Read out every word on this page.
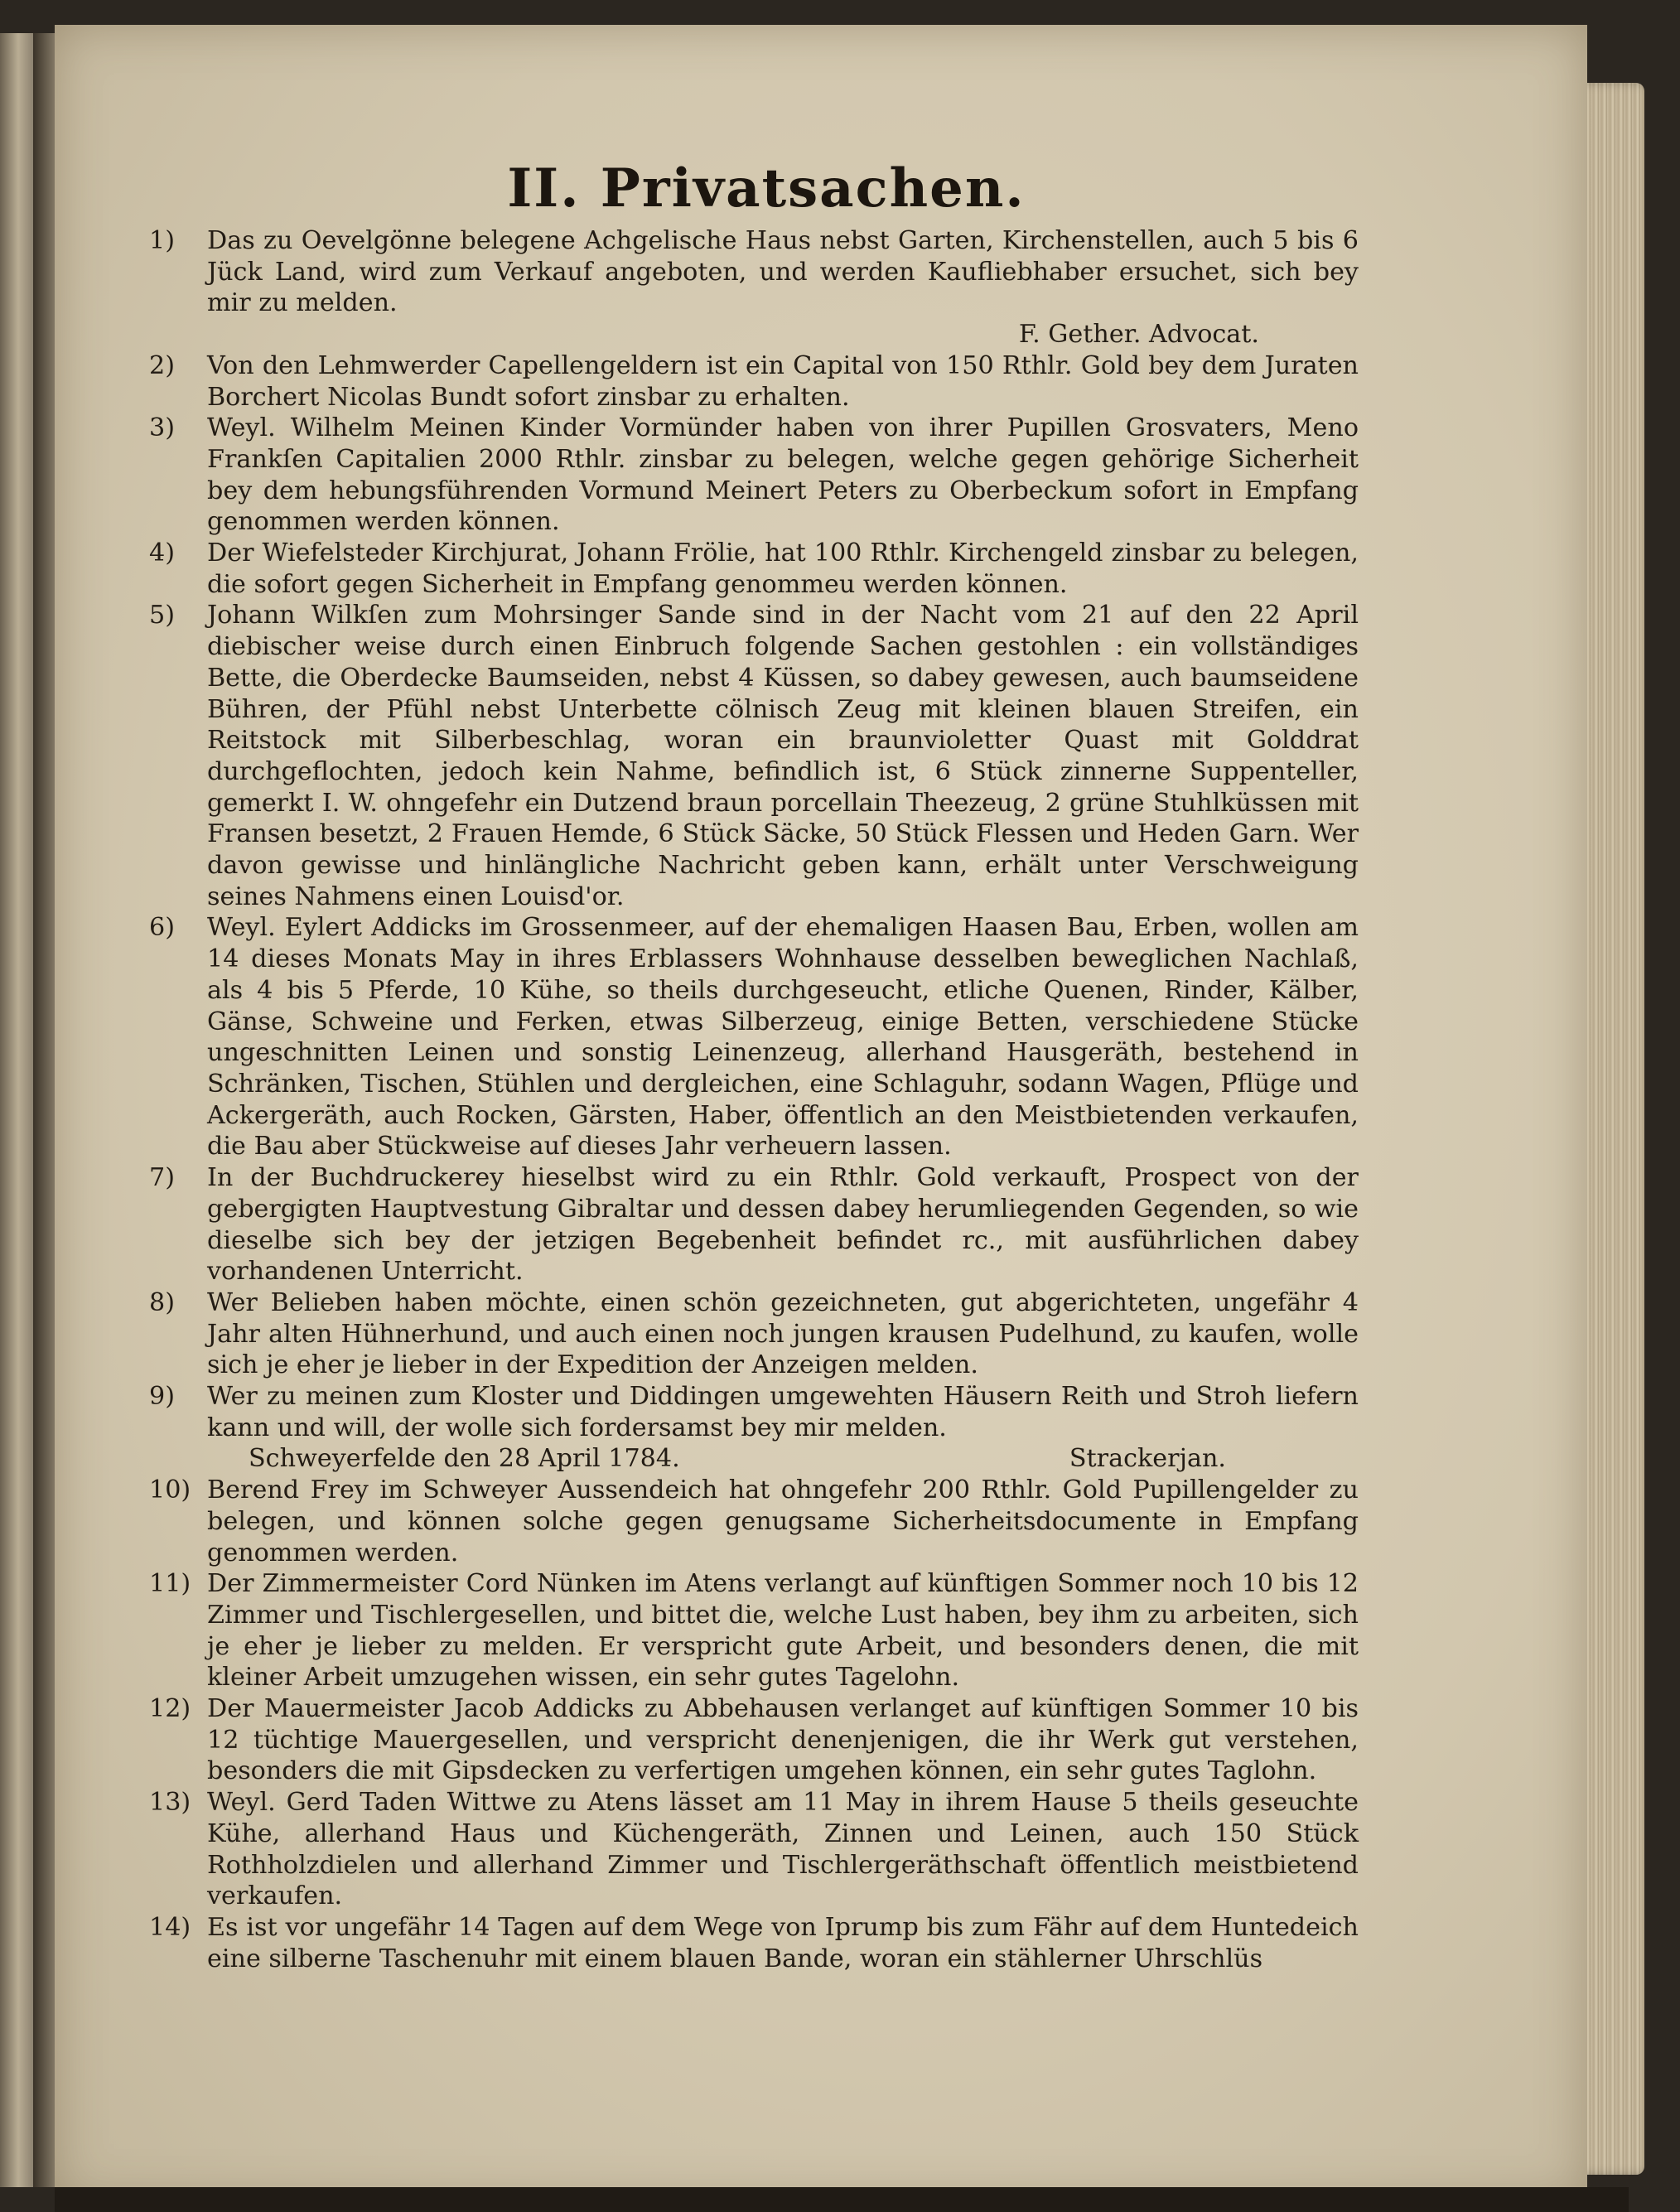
II. Privatsachen.
1)	Das zu Oevelgönne belegene Achgelische Haus nebst Garten, Kirchenstellen, auch 5 bis 6 Jück Land, wird zum Verkauf angeboten, und werden Kaufliebhaber ersuchet, sich bey mir zu melden.
F. Gether. Advocat.
2)	Von den Lehmwerder Capellengeldern ist ein Capital von 150 Rthlr. Gold bey dem Juraten Borchert Nicolas Bundt sofort zinsbar zu erhalten.
3)	Weyl. Wilhelm Meinen Kinder Vormünder haben von ihrer Pupillen Grosvaters, Meno Frankſen Capitalien 2000 Rthlr. zinsbar zu belegen, welche gegen gehörige Sicherheit bey dem hebungsführenden Vormund Meinert Peters zu Oberbeckum sofort in Empfang genommen werden können.
4)	Der Wiefelsteder Kirchjurat, Johann Frölie, hat 100 Rthlr. Kirchengeld zinsbar zu belegen, die sofort gegen Sicherheit in Empfang genommeu werden können.
5)	Johann Wilkſen zum Mohrsinger Sande sind in der Nacht vom 21 auf den 22 April diebischer weise durch einen Einbruch folgende Sachen gestohlen : ein vollständiges Bette, die Oberdecke Baumseiden, nebst 4 Küssen, so dabey gewesen, auch baumseidene Bühren, der Pfühl nebst Unterbette cölnisch Zeug mit kleinen blauen Streifen, ein Reitstock mit Silberbeschlag, woran ein braunvioletter Quast mit Golddrat durchgeflochten, jedoch kein Nahme, befindlich ist, 6 Stück zinnerne Suppenteller, gemerkt I. W. ohngefehr ein Dutzend braun porcellain Theezeug, 2 grüne Stuhlküssen mit Fransen besetzt, 2 Frauen Hemde, 6 Stück Säcke, 50 Stück Flessen und Heden Garn. Wer davon gewisse und hinlängliche Nachricht geben kann, erhält unter Verschweigung seines Nahmens einen Louisd'or.
6)	Weyl. Eylert Addicks im Grossenmeer, auf der ehemaligen Haasen Bau, Erben, wollen am 14 dieses Monats May in ihres Erblassers Wohnhause desselben beweglichen Nachlaß, als 4 bis 5 Pferde, 10 Kühe, so theils durchgeseucht, etliche Quenen, Rinder, Kälber, Gänse, Schweine und Ferken, etwas Silberzeug, einige Betten, verschiedene Stücke ungeschnitten Leinen und sonstig Leinenzeug, allerhand Hausgeräth, bestehend in Schränken, Tischen, Stühlen und dergleichen, eine Schlaguhr, sodann Wagen, Pflüge und Ackergeräth, auch Rocken, Gärsten, Haber, öffentlich an den Meistbietenden verkaufen, die Bau aber Stückweise auf dieses Jahr verheuern lassen.
7)	In der Buchdruckerey hieselbst wird zu ein Rthlr. Gold verkauft, Prospect von der gebergigten Hauptvestung Gibraltar und dessen dabey herumliegenden Gegenden, so wie dieselbe sich bey der jetzigen Begebenheit befindet rc., mit ausführlichen dabey vorhandenen Unterricht.
8)	Wer Belieben haben möchte, einen schön gezeichneten, gut abgerichteten, ungefähr 4 Jahr alten Hühnerhund, und auch einen noch jungen krausen Pudelhund, zu kaufen, wolle sich je eher je lieber in der Expedition der Anzeigen melden.
9)	Wer zu meinen zum Kloster und Diddingen umgewehten Häusern Reith und Stroh liefern kann und will, der wolle sich fordersamst bey mir melden.
Schweyerfelde den 28 April 1784.	Strackerjan.
10) Berend Frey im Schweyer Aussendeich hat ohngefehr 200 Rthlr. Gold Pupillengelder zu belegen, und können solche gegen genugsame Sicherheitsdocumente in Empfang genommen werden.
11) Der Zimmermeister Cord Nünken im Atens verlangt auf künftigen Sommer noch 10 bis 12 Zimmer und Tischlergesellen, und bittet die, welche Lust haben, bey ihm zu arbeiten, sich je eher je lieber zu melden. Er verspricht gute Arbeit, und besonders denen, die mit kleiner Arbeit umzugehen wissen, ein sehr gutes Tagelohn.
12) Der Mauermeister Jacob Addicks zu Abbehausen verlanget auf künftigen Sommer 10 bis 12 tüchtige Mauergesellen, und verspricht denenjenigen, die ihr Werk gut verstehen, besonders die mit Gipsdecken zu verfertigen umgehen können, ein sehr gutes Taglohn.
13) Weyl. Gerd Taden Wittwe zu Atens lässet am 11 May in ihrem Hause 5 theils geseuchte Kühe, allerhand Haus und Küchengeräth, Zinnen und Leinen, auch 150 Stück Rothholzdielen und allerhand Zimmer und Tischlergeräthschaft öffentlich meistbietend verkaufen.
14) Es ist vor ungefähr 14 Tagen auf dem Wege von Iprump bis zum Fähr auf dem Huntedeich eine silberne Taschenuhr mit einem blauen Bande, woran ein stählerner Uhrschlüs
